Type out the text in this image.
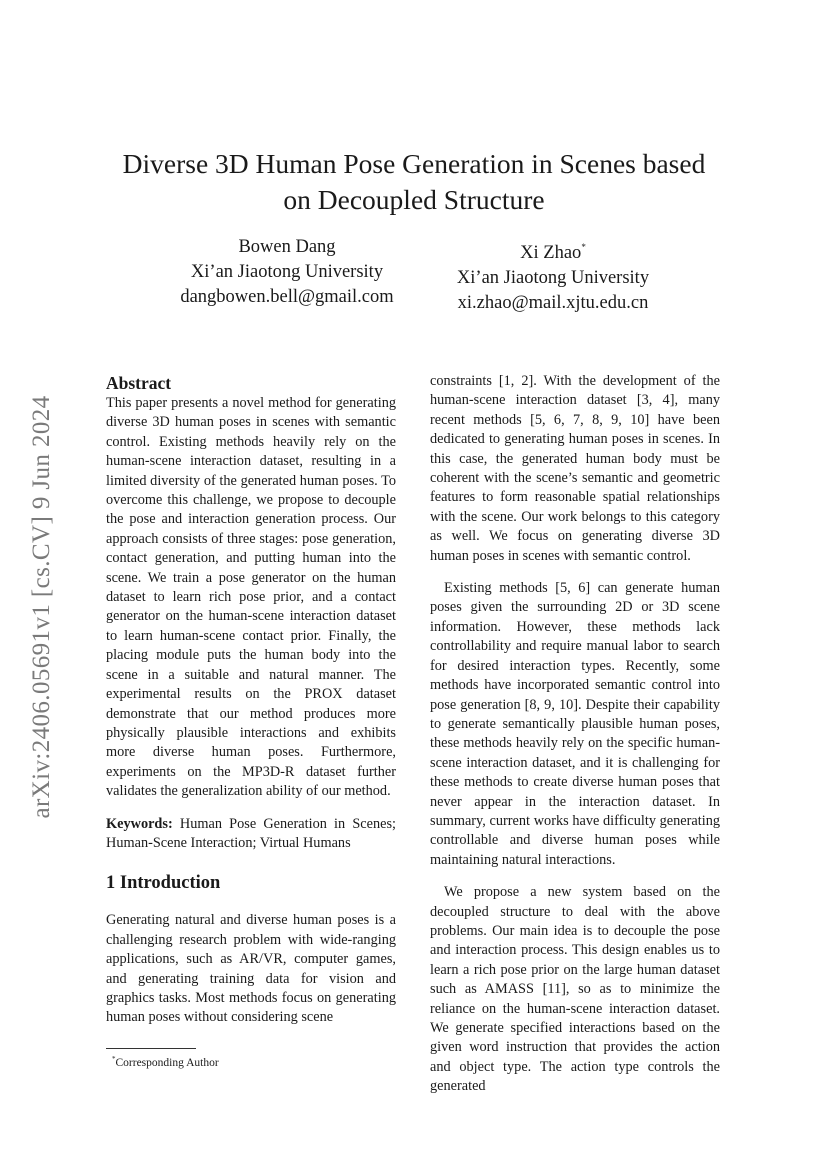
Diverse 3D Human Pose Generation in Scenes based
on Decoupled Structure
Bowen Dang
Xi’an Jiaotong University
dangbowen.bell@gmail.com
Xi Zhao*
Xi’an Jiaotong University
xi.zhao@mail.xjtu.edu.cn
arXiv:2406.05691v1 [cs.CV] 9 Jun 2024
Abstract

This paper presents a novel method for generating diverse 3D human poses in scenes with semantic control. Existing methods heavily rely on the human-scene interaction dataset, resulting in a limited diversity of the generated human poses. To overcome this challenge, we propose to decouple the pose and interaction generation process. Our approach consists of three stages: pose generation, contact generation, and putting human into the scene. We train a pose generator on the human dataset to learn rich pose prior, and a contact generator on the human-scene interaction dataset to learn human-scene contact prior. Finally, the placing module puts the human body into the scene in a suitable and natural manner. The experimental results on the PROX dataset demonstrate that our method produces more physically plausible interactions and exhibits more diverse human poses. Furthermore, experiments on the MP3D-R dataset further validates the generalization ability of our method.

Keywords: Human Pose Generation in Scenes; Human-Scene Interaction; Virtual Humans

1 Introduction

Generating natural and diverse human poses is a challenging research problem with wide-ranging applications, such as AR/VR, computer games, and generating training data for vision and graphics tasks. Most methods focus on generating human poses without considering scene

constraints [1, 2]. With the development of the human-scene interaction dataset [3, 4], many recent methods [5, 6, 7, 8, 9, 10] have been dedicated to generating human poses in scenes. In this case, the generated human body must be coherent with the scene’s semantic and geometric features to form reasonable spatial relationships with the scene. Our work belongs to this category as well. We focus on generating diverse 3D human poses in scenes with semantic control.

Existing methods [5, 6] can generate human poses given the surrounding 2D or 3D scene information. However, these methods lack controllability and require manual labor to search for desired interaction types. Recently, some methods have incorporated semantic control into pose generation [8, 9, 10]. Despite their capability to generate semantically plausible human poses, these methods heavily rely on the specific human-scene interaction dataset, and it is challenging for these methods to create diverse human poses that never appear in the interaction dataset. In summary, current works have difficulty generating controllable and diverse human poses while maintaining natural interactions.

We propose a new system based on the decoupled structure to deal with the above problems. Our main idea is to decouple the pose and interaction process. This design enables us to learn a rich pose prior on the large human dataset such as AMASS [11], so as to minimize the reliance on the human-scene interaction dataset. We generate specified interactions based on the given word instruction that provides the action and object type. The action type controls the generated

*Corresponding Author
